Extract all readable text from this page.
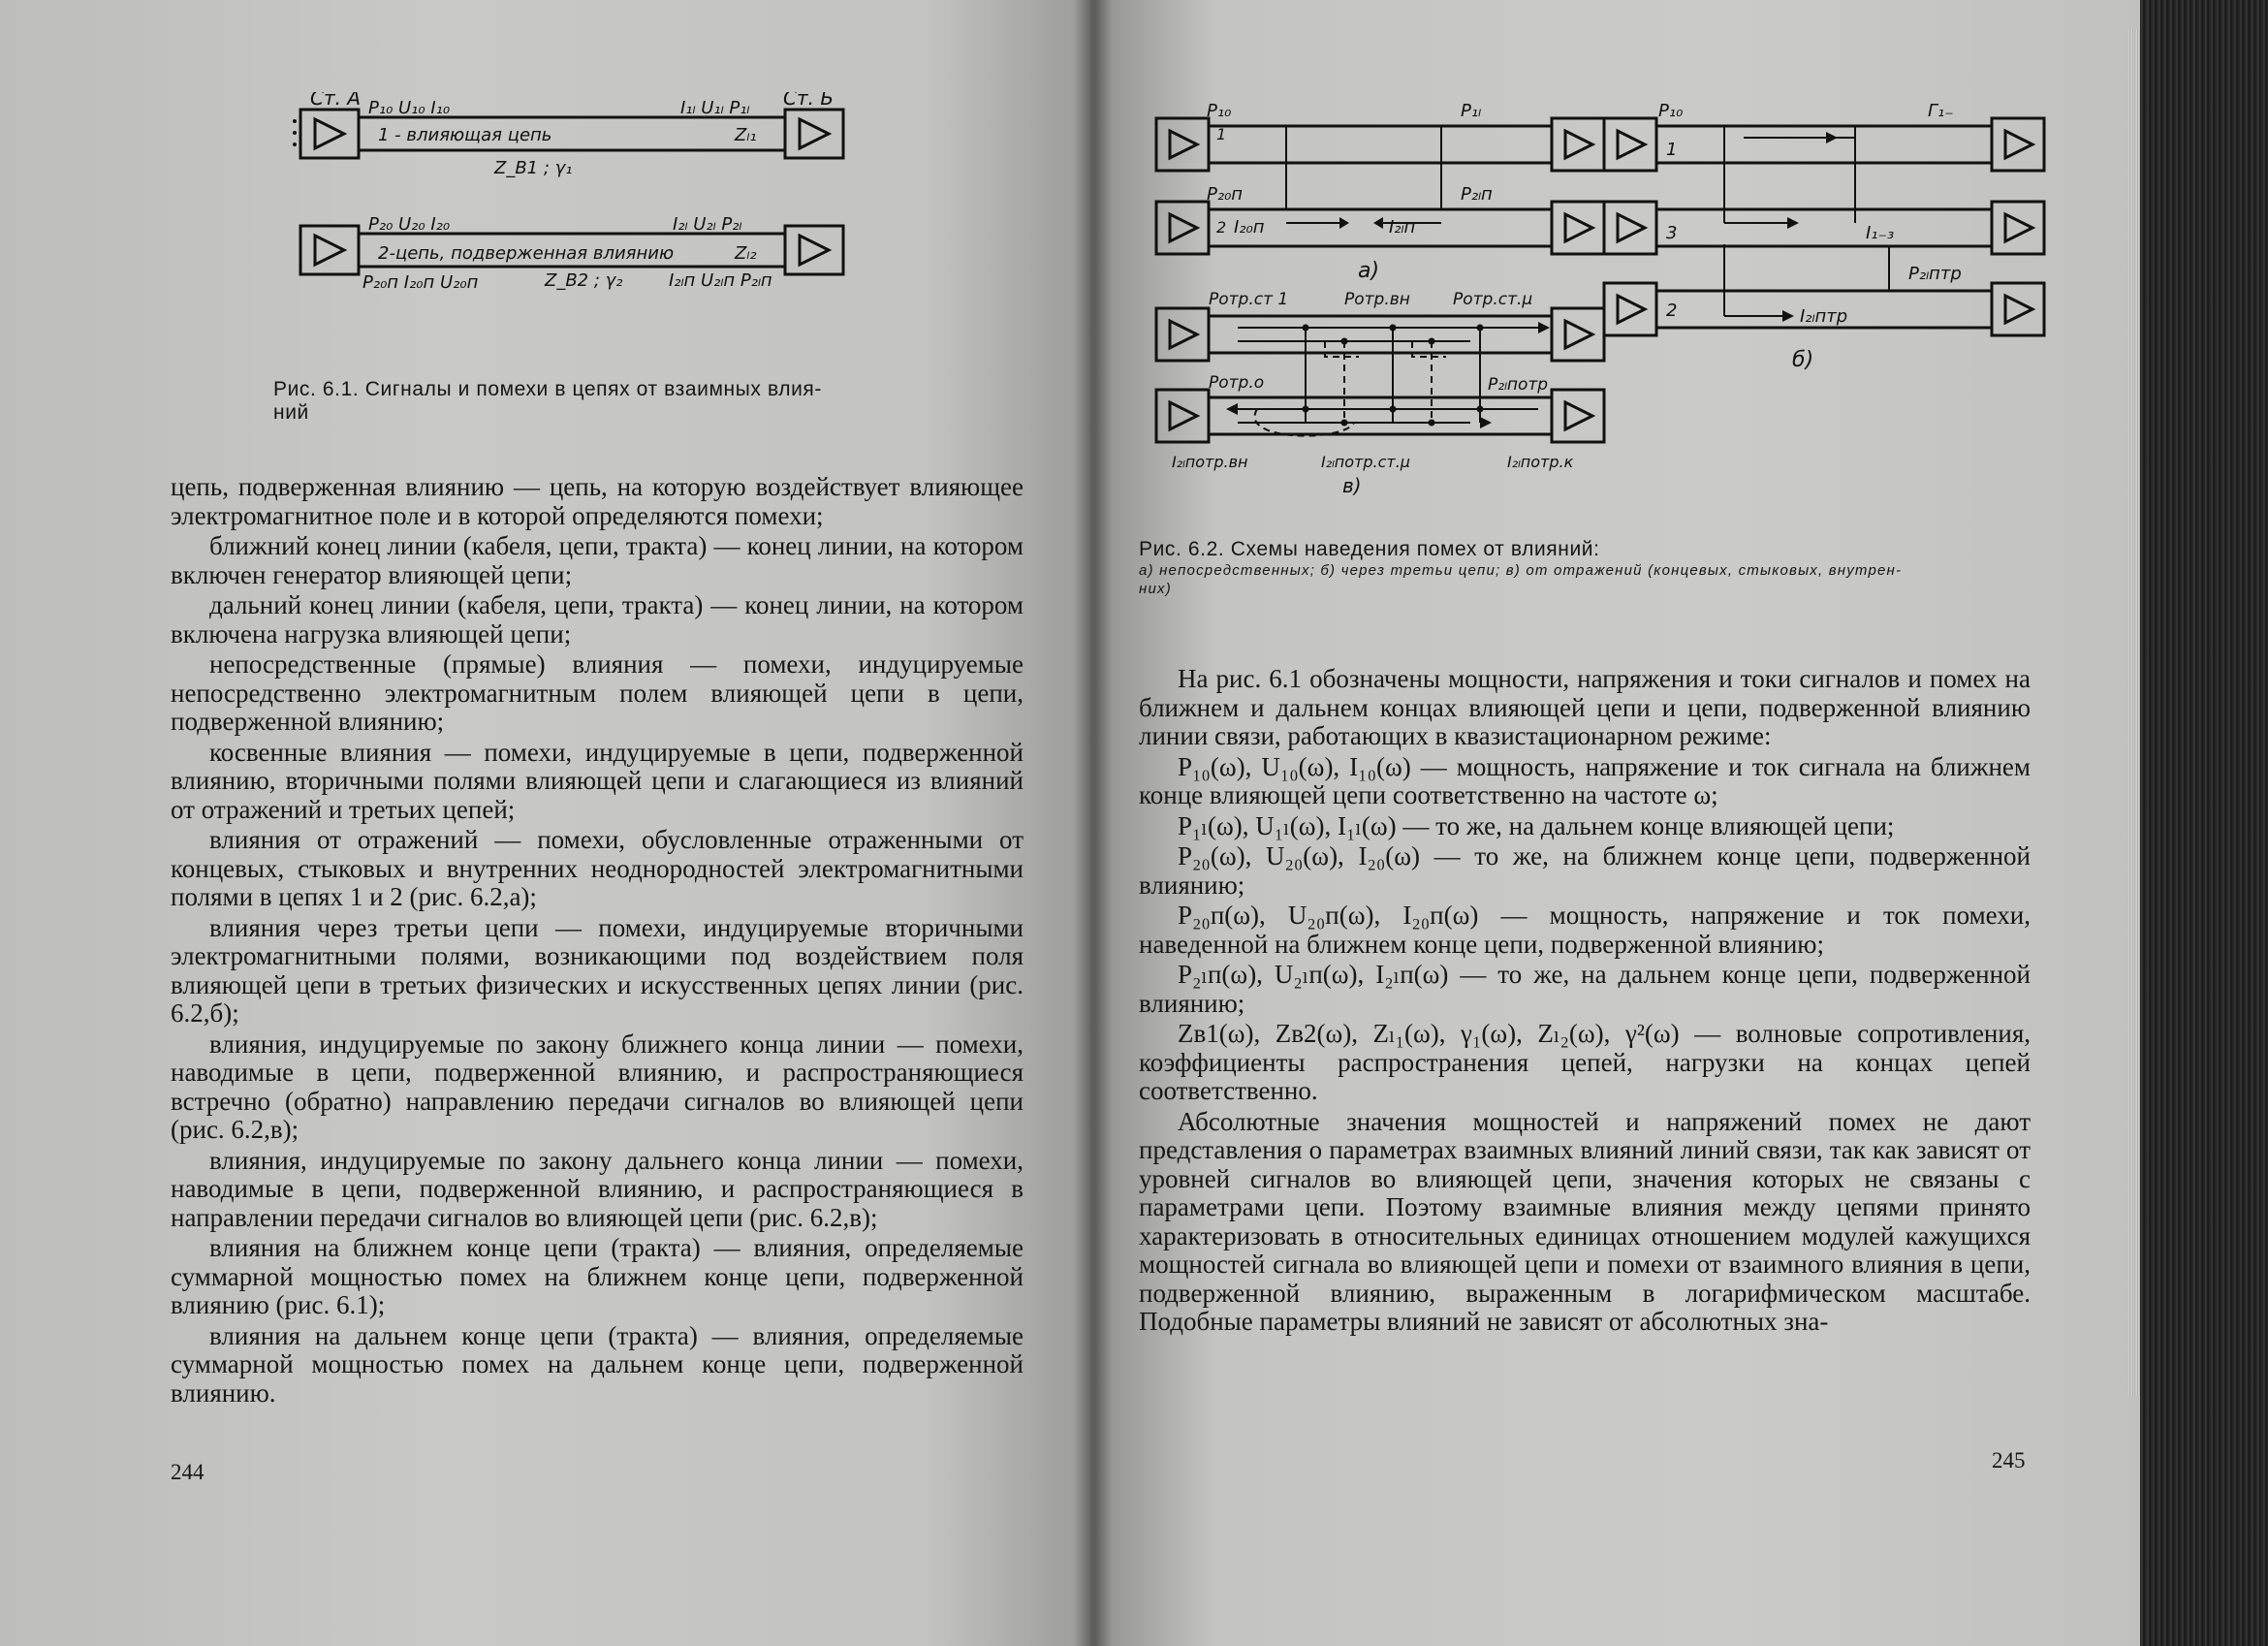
Ст. А	Ст. Б
P₁₀ U₁₀ I₁₀	I₁ₗ U₁ₗ P₁ₗ
1 - влияющая цепь	Zₗ₁
Z_B1 ; γ₁
P₂₀ U₂₀ I₂₀	I₂ₗ U₂ₗ P₂ₗ
2-цепь, подверженная влиянию	Zₗ₂
P₂₀п I₂₀п U₂₀п	Z_B2 ; γ₂	I₂ₗп U₂ₗп P₂ₗп
Рис. 6.1. Сигналы и помехи в цепях от взаимных влия-
ний

цепь, подверженная влиянию — цепь, на которую воздействует влияющее электромагнитное поле и в которой определяются помехи;

ближний конец линии (кабеля, цепи, тракта) — конец линии, на котором включен генератор влияющей цепи;

дальний конец линии (кабеля, цепи, тракта) — конец линии, на котором включена нагрузка влияющей цепи;

непосредственные (прямые) влияния — помехи, индуцируемые непосредственно электромагнитным полем влияющей цепи в цепи, подверженной влиянию;

косвенные влияния — помехи, индуцируемые в цепи, подверженной влиянию, вторичными полями влияющей цепи и слагающиеся из влияний от отражений и третьих цепей;

влияния от отражений — помехи, обусловленные отраженными от концевых, стыковых и внутренних неоднородностей электромагнитными полями в цепях 1 и 2 (рис. 6.2,а);

влияния через третьи цепи — помехи, индуцируемые вторичными электромагнитными полями, возникающими под воздействием поля влияющей цепи в третьих физических и искусственных цепях линии (рис. 6.2,б);

влияния, индуцируемые по закону ближнего конца линии — помехи, наводимые в цепи, подверженной влиянию, и распространяющиеся встречно (обратно) направлению передачи сигналов во влияющей цепи (рис. 6.2,в);

влияния, индуцируемые по закону дальнего конца линии — помехи, наводимые в цепи, подверженной влиянию, и распространяющиеся в направлении передачи сигналов во влияющей цепи (рис. 6.2,в);

влияния на ближнем конце цепи (тракта) — влияния, определяемые суммарной мощностью помех на ближнем конце цепи, подверженной влиянию (рис. 6.1);

влияния на дальнем конце цепи (тракта) — влияния, определяемые суммарной мощностью помех на дальнем конце цепи, подверженной влиянию.

244
P₁₀	P₁ₗ
1
P₂₀п	P₂ₗп
2 I₂₀п	I₂ₗп
а)
Pотр.ст 1	Pотр.вн	Pотр.ст.μ
Pотр.о	P₂ₗпотр
I₂ₗпотр.вн	I₂ₗпотр.ст.μ	I₂ₗпотр.к
в)
P₁₀	Г₁₋
1
3	I₁₋₃
P₂ₗптр
2	I₂ₗптр
б)
Рис. 6.2. Схемы наведения помех от влияний:
а) непосредственных; б) через третьи цепи; в) от отражений (концевых, стыковых, внутрен-
них)

На рис. 6.1 обозначены мощности, напряжения и токи сигналов и помех на ближнем и дальнем концах влияющей цепи и цепи, подверженной влиянию линии связи, работающих в квазистационарном режиме:

P₁₀(ω), U₁₀(ω), I₁₀(ω) — мощность, напряжение и ток сигнала на ближнем конце влияющей цепи соответственно на частоте ω;

P₁ₗ(ω), U₁ₗ(ω), I₁ₗ(ω) — то же, на дальнем конце влияющей цепи;

P₂₀(ω), U₂₀(ω), I₂₀(ω) — то же, на ближнем конце цепи, подверженной влиянию;

P₂₀п(ω), U₂₀п(ω), I₂₀п(ω) — мощность, напряжение и ток помехи, наведенной на ближнем конце цепи, подверженной влиянию;

P₂ₗп(ω), U₂ₗп(ω), I₂ₗп(ω) — то же, на дальнем конце цепи, подверженной влиянию;

Zв1(ω), Zв2(ω), Zₗ₁(ω), γ₁(ω), Zₗ₂(ω), γ²(ω) — волновые сопротивления, коэффициенты распространения цепей, нагрузки на концах цепей соответственно.

Абсолютные значения мощностей и напряжений помех не дают представления о параметрах взаимных влияний линий связи, так как зависят от уровней сигналов во влияющей цепи, значения которых не связаны с параметрами цепи. Поэтому взаимные влияния между цепями принято характеризовать в относительных единицах отношением модулей кажущихся мощностей сигнала во влияющей цепи и помехи от взаимного влияния в цепи, подверженной влиянию, выраженным в логарифмическом масштабе. Подобные параметры влияний не зависят от абсолютных зна-

245
